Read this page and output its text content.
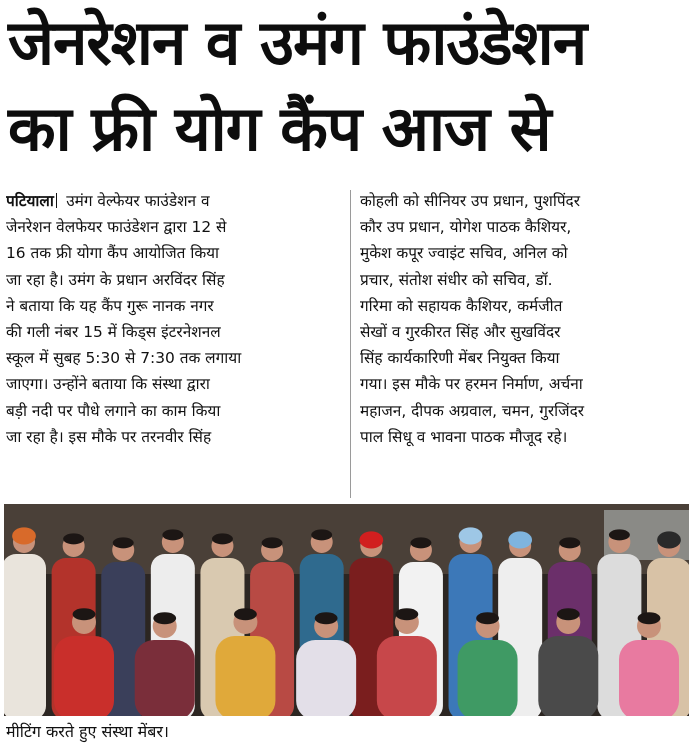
जेनरेशन व उमंग फाउंडेशन
का फ्री योग कैंप आज से
पटियाला उमंग वेल्फेयर फाउंडेशन व
जेनरेशन वेलफेयर फाउंडेशन द्वारा 12 से
16 तक फ्री योगा कैंप आयोजित किया
जा रहा है। उमंग के प्रधान अरविंदर सिंह
ने बताया कि यह कैंप गुरू नानक नगर
की गली नंबर 15 में किड्स इंटरनेशनल
स्कूल में सुबह 5:30 से 7:30 तक लगाया
जाएगा। उन्होंने बताया कि संस्था द्वारा
बड़ी नदी पर पौधे लगाने का काम किया
जा रहा है। इस मौके पर तरनवीर सिंह
कोहली को सीनियर उप प्रधान, पुशपिंदर
कौर उप प्रधान, योगेश पाठक कैशियर,
मुकेश कपूर ज्वाइंट सचिव, अनिल को
प्रचार, संतोश संधीर को सचिव, डॉ.
गरिमा को सहायक कैशियर, कर्मजीत
सेखों व गुरकीरत सिंह और सुखविंदर
सिंह कार्यकारिणी मेंबर नियुक्त किया
गया। इस मौके पर हरमन निर्माण, अर्चना
महाजन, दीपक अग्रवाल, चमन, गुरजिंदर
पाल सिधू व भावना पाठक मौजूद रहे।

मीटिंग करते हुए संस्था मेंबर।
